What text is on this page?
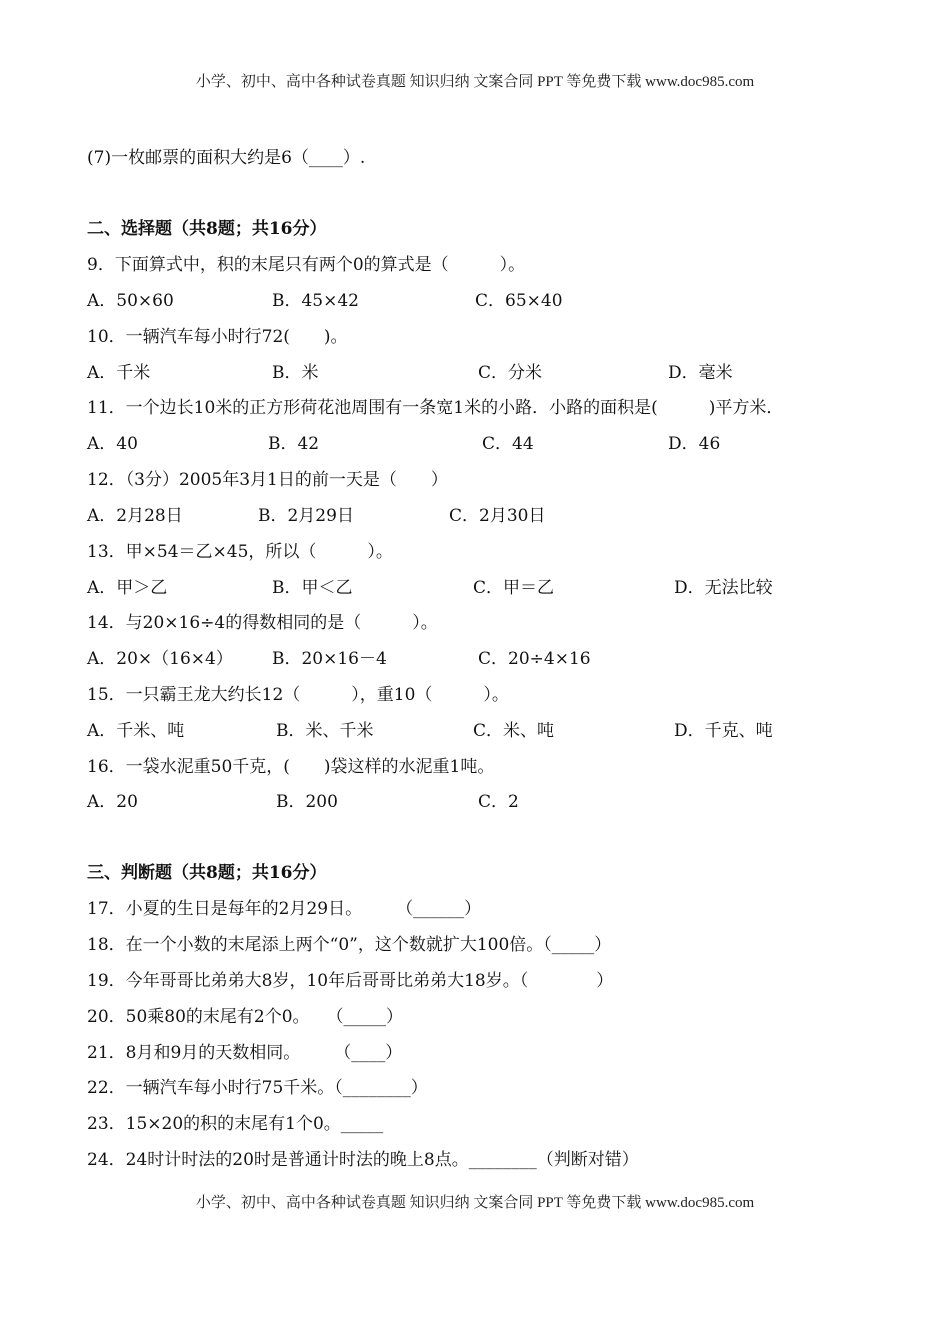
小学、初中、高中各种试卷真题 知识归纳 文案合同 PPT 等免费下载 www.doc985.com
(7)一枚邮票的面积大约是6（____）.
二、选择题（共8题；共16分）
9．下面算式中，积的末尾只有两个0的算式是（　　　）。
A．50×60	B．45×42	C．65×40
10．一辆汽车每小时行72(　　)。
A．千米	B．米	C．分米	D．毫米
11．一个边长10米的正方形荷花池周围有一条宽1米的小路．小路的面积是(　　　)平方米．
A．40	B．42	C．44	D．46
12．（3分）2005年3月1日的前一天是（　　）
A．2月28日	B．2月29日	C．2月30日
13．甲×54＝乙×45，所以（　　　）。
A．甲＞乙	B．甲＜乙	C．甲＝乙	D．无法比较
14．与20×16÷4的得数相同的是（　　　）。
A．20×（16×4） B．20×16－4	C．20÷4×16
15．一只霸王龙大约长12（　　　），重10（　　　）。
A．千米、吨	B．米、千米	C．米、吨	D．千克、吨
16．一袋水泥重50千克，(　　)袋这样的水泥重1吨。
A．20	B．200	C．2
三、判断题（共8题；共16分）
17．小夏的生日是每年的2月29日。　　　（______）
18．在一个小数的末尾添上两个“0”，这个数就扩大100倍。（_____）
19．今年哥哥比弟弟大8岁，10年后哥哥比弟弟大18岁。（　　　　）
20．50乘80的末尾有2个0。　　（_____）
21．8月和9月的天数相同。　　　（____）
22．一辆汽车每小时行75千米。（________）
23．15×20的积的末尾有1个0。_____
24．24时计时法的20时是普通计时法的晚上8点。________（判断对错）
小学、初中、高中各种试卷真题 知识归纳 文案合同 PPT 等免费下载 www.doc985.com
